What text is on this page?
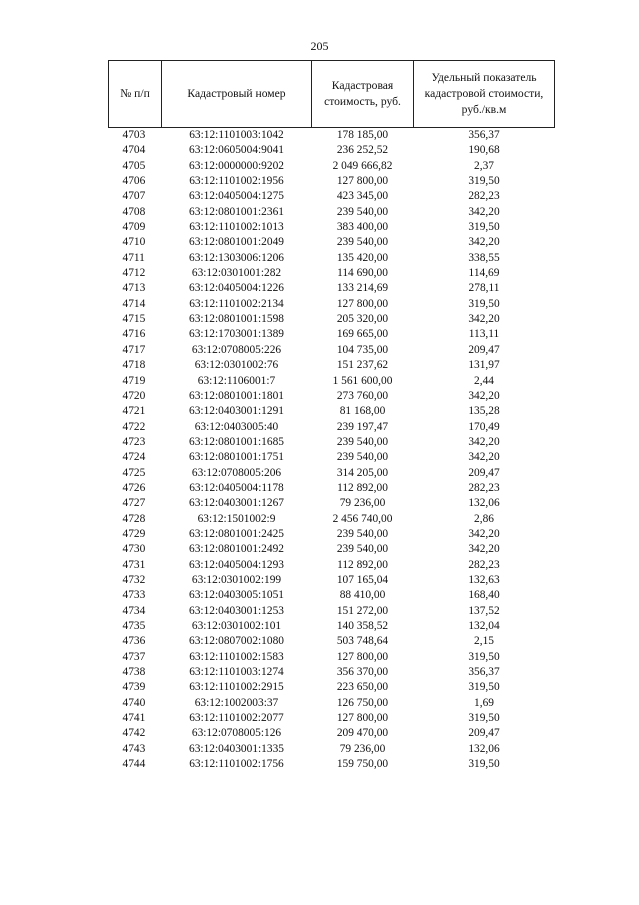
205
№ п/п	Кадастровый номер	Кадастровая стоимость, руб.	Удельный показатель кадастровой стоимости, руб./кв.м
4703	63:12:1101003:1042	178 185,00	356,37
4704	63:12:0605004:9041	236 252,52	190,68
4705	63:12:0000000:9202	2 049 666,82	2,37
4706	63:12:1101002:1956	127 800,00	319,50
4707	63:12:0405004:1275	423 345,00	282,23
4708	63:12:0801001:2361	239 540,00	342,20
4709	63:12:1101002:1013	383 400,00	319,50
4710	63:12:0801001:2049	239 540,00	342,20
4711	63:12:1303006:1206	135 420,00	338,55
4712	63:12:0301001:282	114 690,00	114,69
4713	63:12:0405004:1226	133 214,69	278,11
4714	63:12:1101002:2134	127 800,00	319,50
4715	63:12:0801001:1598	205 320,00	342,20
4716	63:12:1703001:1389	169 665,00	113,11
4717	63:12:0708005:226	104 735,00	209,47
4718	63:12:0301002:76	151 237,62	131,97
4719	63:12:1106001:7	1 561 600,00	2,44
4720	63:12:0801001:1801	273 760,00	342,20
4721	63:12:0403001:1291	81 168,00	135,28
4722	63:12:0403005:40	239 197,47	170,49
4723	63:12:0801001:1685	239 540,00	342,20
4724	63:12:0801001:1751	239 540,00	342,20
4725	63:12:0708005:206	314 205,00	209,47
4726	63:12:0405004:1178	112 892,00	282,23
4727	63:12:0403001:1267	79 236,00	132,06
4728	63:12:1501002:9	2 456 740,00	2,86
4729	63:12:0801001:2425	239 540,00	342,20
4730	63:12:0801001:2492	239 540,00	342,20
4731	63:12:0405004:1293	112 892,00	282,23
4732	63:12:0301002:199	107 165,04	132,63
4733	63:12:0403005:1051	88 410,00	168,40
4734	63:12:0403001:1253	151 272,00	137,52
4735	63:12:0301002:101	140 358,52	132,04
4736	63:12:0807002:1080	503 748,64	2,15
4737	63:12:1101002:1583	127 800,00	319,50
4738	63:12:1101003:1274	356 370,00	356,37
4739	63:12:1101002:2915	223 650,00	319,50
4740	63:12:1002003:37	126 750,00	1,69
4741	63:12:1101002:2077	127 800,00	319,50
4742	63:12:0708005:126	209 470,00	209,47
4743	63:12:0403001:1335	79 236,00	132,06
4744	63:12:1101002:1756	159 750,00	319,50
